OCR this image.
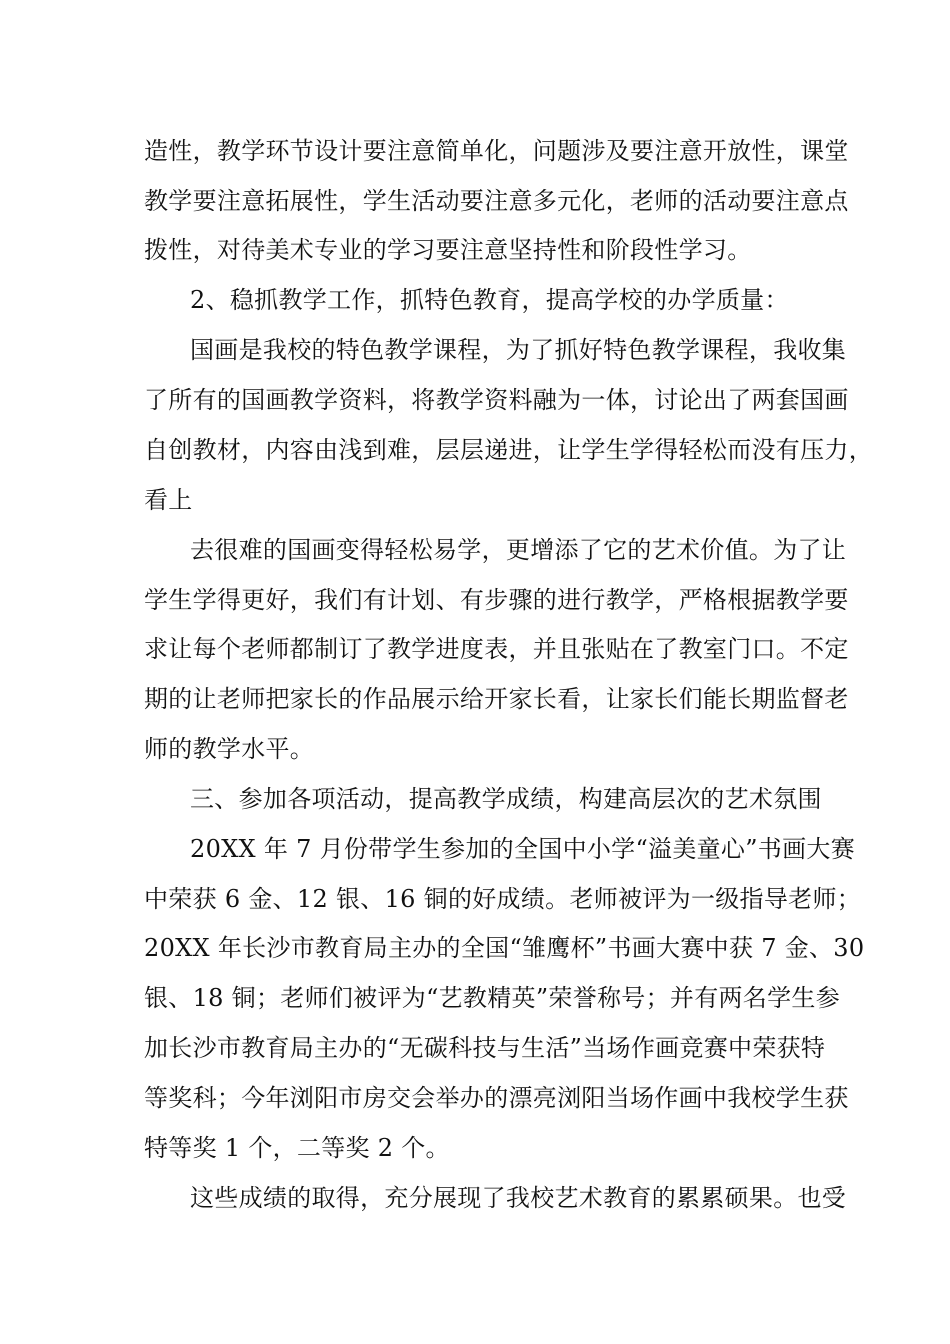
造性，教学环节设计要注意简单化，问题涉及要注意开放性，课堂
教学要注意拓展性，学生活动要注意多元化，老师的活动要注意点
拨性，对待美术专业的学习要注意坚持性和阶段性学习。
2、稳抓教学工作，抓特色教育，提高学校的办学质量：
国画是我校的特色教学课程，为了抓好特色教学课程，我收集
了所有的国画教学资料，将教学资料融为一体，讨论出了两套国画
自创教材，内容由浅到难，层层递进，让学生学得轻松而没有压力，
看上
去很难的国画变得轻松易学，更增添了它的艺术价值。为了让
学生学得更好，我们有计划、有步骤的进行教学，严格根据教学要
求让每个老师都制订了教学进度表，并且张贴在了教室门口。不定
期的让老师把家长的作品展示给开家长看，让家长们能长期监督老
师的教学水平。
三、参加各项活动，提高教学成绩，构建高层次的艺术氛围
20XX 年 7 月份带学生参加的全国中小学“溢美童心”书画大赛
中荣获 6 金、12 银、16 铜的好成绩。老师被评为一级指导老师；
20XX 年长沙市教育局主办的全国“雏鹰杯”书画大赛中获 7 金、30
银、18 铜；老师们被评为“艺教精英”荣誉称号；并有两名学生参
加长沙市教育局主办的“无碳科技与生活”当场作画竞赛中荣获特
等奖科；今年浏阳市房交会举办的漂亮浏阳当场作画中我校学生获
特等奖 1 个，二等奖 2 个。
这些成绩的取得，充分展现了我校艺术教育的累累硕果。也受
